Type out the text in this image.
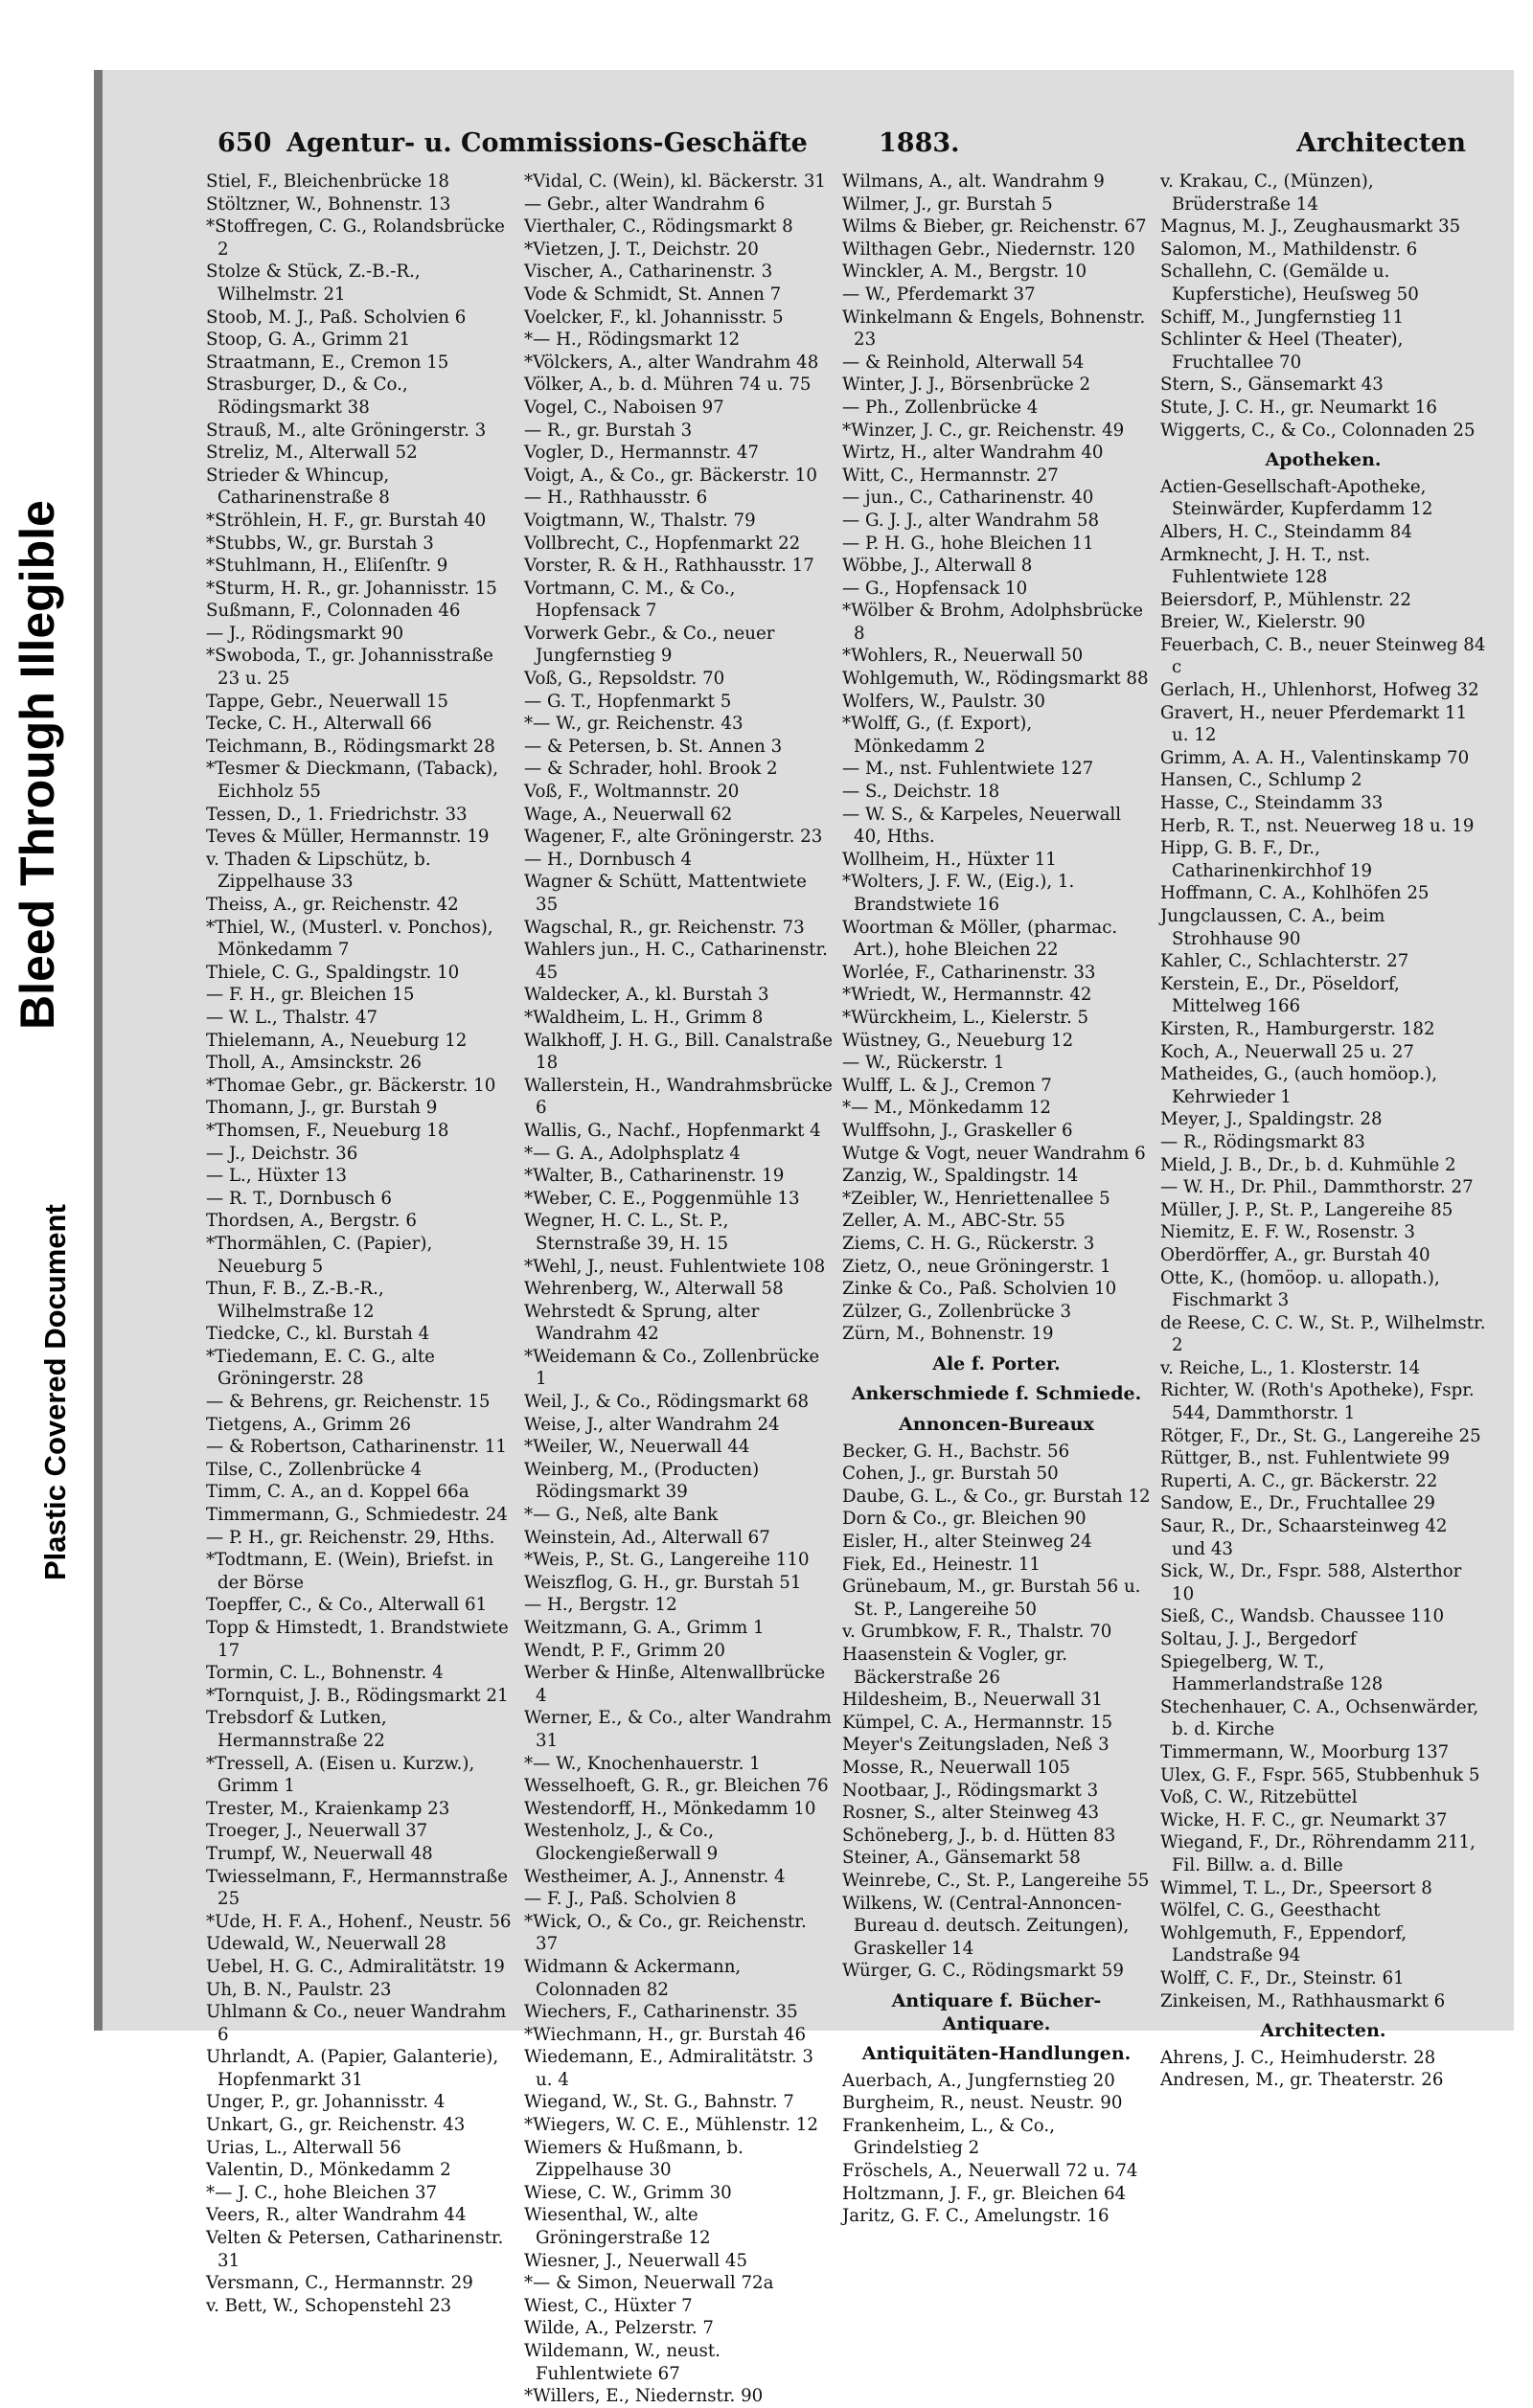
Bleed Through Illegible
Plastic Covered Document
650 Agentur- u. Commissions-Geschäfte	1883.	Architecten
Stiel, F., Bleichenbrücke 18
Stöltzner, W., Bohnenstr. 13
*Stoffregen, C. G., Rolandsbrücke 2
Stolze & Stück, Z.-B.-R., Wilhelmstr. 21
Stoob, M. J., Paß. Scholvien 6
Stoop, G. A., Grimm 21
Straatmann, E., Cremon 15
Strasburger, D., & Co., Rödingsmarkt 38
Strauß, M., alte Gröningerstr. 3
Streliz, M., Alterwall 52
Strieder & Whincup, Catharinenstraße 8
*Ströhlein, H. F., gr. Burstah 40
*Stubbs, W., gr. Burstah 3
*Stuhlmann, H., Eliſenſtr. 9
*Sturm, H. R., gr. Johannisstr. 15
Sußmann, F., Colonnaden 46
— J., Rödingsmarkt 90
*Swoboda, T., gr. Johannisstraße 23 u. 25
Tappe, Gebr., Neuerwall 15
Tecke, C. H., Alterwall 66
Teichmann, B., Rödingsmarkt 28
*Tesmer & Dieckmann, (Taback), Eichholz 55
Tessen, D., 1. Friedrichstr. 33
Teves & Müller, Hermannstr. 19
v. Thaden & Lipschütz, b. Zippelhause 33
Theiss, A., gr. Reichenstr. 42
*Thiel, W., (Musterl. v. Ponchos), Mönkedamm 7
Thiele, C. G., Spaldingstr. 10
— F. H., gr. Bleichen 15
— W. L., Thalstr. 47
Thielemann, A., Neueburg 12
Tholl, A., Amsinckstr. 26
*Thomae Gebr., gr. Bäckerstr. 10
Thomann, J., gr. Burstah 9
*Thomsen, F., Neueburg 18
— J., Deichstr. 36
— L., Hüxter 13
— R. T., Dornbusch 6
Thordsen, A., Bergstr. 6
*Thormählen, C. (Papier), Neueburg 5
Thun, F. B., Z.-B.-R., Wilhelmstraße 12
Tiedcke, C., kl. Burstah 4
*Tiedemann, E. C. G., alte Gröningerstr. 28
— & Behrens, gr. Reichenstr. 15
Tietgens, A., Grimm 26
— & Robertson, Catharinenstr. 11
Tilse, C., Zollenbrücke 4
Timm, C. A., an d. Koppel 66a
Timmermann, G., Schmiedestr. 24
— P. H., gr. Reichenstr. 29, Hths.
*Todtmann, E. (Wein), Briefst. in der Börse
Toepffer, C., & Co., Alterwall 61
Topp & Himstedt, 1. Brandstwiete 17
Tormin, C. L., Bohnenstr. 4
*Tornquist, J. B., Rödingsmarkt 21
Trebsdorf & Lutken, Hermannstraße 22
*Tressell, A. (Eisen u. Kurzw.), Grimm 1
Trester, M., Kraienkamp 23
Troeger, J., Neuerwall 37
Trumpf, W., Neuerwall 48
Twiesselmann, F., Hermannstraße 25
*Ude, H. F. A., Hohenf., Neustr. 56
Udewald, W., Neuerwall 28
Uebel, H. G. C., Admiralitätstr. 19
Uh, B. N., Paulstr. 23
Uhlmann & Co., neuer Wandrahm 6
Uhrlandt, A. (Papier, Galanterie), Hopfenmarkt 31
Unger, P., gr. Johannisstr. 4
Unkart, G., gr. Reichenstr. 43
Urias, L., Alterwall 56
Valentin, D., Mönkedamm 2
*— J. C., hohe Bleichen 37
Veers, R., alter Wandrahm 44
Velten & Petersen, Catharinenstr. 31
Versmann, C., Hermannstr. 29
v. Bett, W., Schopenstehl 23
*Vidal, C. (Wein), kl. Bäckerstr. 31
— Gebr., alter Wandrahm 6
Vierthaler, C., Rödingsmarkt 8
*Vietzen, J. T., Deichstr. 20
Vischer, A., Catharinenstr. 3
Vode & Schmidt, St. Annen 7
Voelcker, F., kl. Johannisstr. 5
*— H., Rödingsmarkt 12
*Völckers, A., alter Wandrahm 48
Völker, A., b. d. Mühren 74 u. 75
Vogel, C., Naboisen 97
— R., gr. Burstah 3
Vogler, D., Hermannstr. 47
Voigt, A., & Co., gr. Bäckerstr. 10
— H., Rathhausstr. 6
Voigtmann, W., Thalstr. 79
Vollbrecht, C., Hopfenmarkt 22
Vorster, R. & H., Rathhausstr. 17
Vortmann, C. M., & Co., Hopfensack 7
Vorwerk Gebr., & Co., neuer Jungfernstieg 9
Voß, G., Repsoldstr. 70
— G. T., Hopfenmarkt 5
*— W., gr. Reichenstr. 43
— & Petersen, b. St. Annen 3
— & Schrader, hohl. Brook 2
Voß, F., Woltmannstr. 20
Wage, A., Neuerwall 62
Wagener, F., alte Gröningerstr. 23
— H., Dornbusch 4
Wagner & Schütt, Mattentwiete 35
Wagschal, R., gr. Reichenstr. 73
Wahlers jun., H. C., Catharinenstr. 45
Waldecker, A., kl. Burstah 3
*Waldheim, L. H., Grimm 8
Walkhoff, J. H. G., Bill. Canalstraße 18
Wallerstein, H., Wandrahmsbrücke 6
Wallis, G., Nachf., Hopfenmarkt 4
*— G. A., Adolphsplatz 4
*Walter, B., Catharinenstr. 19
*Weber, C. E., Poggenmühle 13
Wegner, H. C. L., St. P., Sternstraße 39, H. 15
*Wehl, J., neust. Fuhlentwiete 108
Wehrenberg, W., Alterwall 58
Wehrstedt & Sprung, alter Wandrahm 42
*Weidemann & Co., Zollenbrücke 1
Weil, J., & Co., Rödingsmarkt 68
Weise, J., alter Wandrahm 24
*Weiler, W., Neuerwall 44
Weinberg, M., (Producten) Rödingsmarkt 39
*— G., Neß, alte Bank
Weinstein, Ad., Alterwall 67
*Weis, P., St. G., Langereihe 110
Weiszflog, G. H., gr. Burstah 51
— H., Bergstr. 12
Weitzmann, G. A., Grimm 1
Wendt, P. F., Grimm 20
Werber & Hinße, Altenwallbrücke 4
Werner, E., & Co., alter Wandrahm 31
*— W., Knochenhauerstr. 1
Wesselhoeft, G. R., gr. Bleichen 76
Westendorff, H., Mönkedamm 10
Westenholz, J., & Co., Glockengießerwall 9
Westheimer, A. J., Annenstr. 4
— F. J., Paß. Scholvien 8
*Wick, O., & Co., gr. Reichenstr. 37
Widmann & Ackermann, Colonnaden 82
Wiechers, F., Catharinenstr. 35
*Wiechmann, H., gr. Burstah 46
Wiedemann, E., Admiralitätstr. 3 u. 4
Wiegand, W., St. G., Bahnstr. 7
*Wiegers, W. C. E., Mühlenstr. 12
Wiemers & Hußmann, b. Zippelhause 30
Wiese, C. W., Grimm 30
Wiesenthal, W., alte Gröningerstraße 12
Wiesner, J., Neuerwall 45
*— & Simon, Neuerwall 72a
Wiest, C., Hüxter 7
Wilde, A., Pelzerstr. 7
Wildemann, W., neust. Fuhlentwiete 67
*Willers, E., Niedernstr. 90
Wilmans, A., alt. Wandrahm 9
Wilmer, J., gr. Burstah 5
Wilms & Bieber, gr. Reichenstr. 67
Wilthagen Gebr., Niedernstr. 120
Winckler, A. M., Bergstr. 10
— W., Pferdemarkt 37
Winkelmann & Engels, Bohnenstr. 23
— & Reinhold, Alterwall 54
Winter, J. J., Börsenbrücke 2
— Ph., Zollenbrücke 4
*Winzer, J. C., gr. Reichenstr. 49
Wirtz, H., alter Wandrahm 40
Witt, C., Hermannstr. 27
— jun., C., Catharinenstr. 40
— G. J. J., alter Wandrahm 58
— P. H. G., hohe Bleichen 11
Wöbbe, J., Alterwall 8
— G., Hopfensack 10
*Wölber & Brohm, Adolphsbrücke 8
*Wohlers, R., Neuerwall 50
Wohlgemuth, W., Rödingsmarkt 88
Wolfers, W., Paulstr. 30
*Wolff, G., (f. Export), Mönkedamm 2
— M., nst. Fuhlentwiete 127
— S., Deichstr. 18
— W. S., & Karpeles, Neuerwall 40, Hths.
Wollheim, H., Hüxter 11
*Wolters, J. F. W., (Eig.), 1. Brandstwiete 16
Woortman & Möller, (pharmac. Art.), hohe Bleichen 22
Worlée, F., Catharinenstr. 33
*Wriedt, W., Hermannstr. 42
*Würckheim, L., Kielerstr. 5
Wüstney, G., Neueburg 12
— W., Rückerstr. 1
Wulff, L. & J., Cremon 7
*— M., Mönkedamm 12
Wulffsohn, J., Graskeller 6
Wutge & Vogt, neuer Wandrahm 6
Zanzig, W., Spaldingstr. 14
*Zeibler, W., Henriettenallee 5
Zeller, A. M., ABC-Str. 55
Ziems, C. H. G., Rückerstr. 3
Zietz, O., neue Gröningerstr. 1
Zinke & Co., Paß. Scholvien 10
Zülzer, G., Zollenbrücke 3
Zürn, M., Bohnenstr. 19
Ale f. Porter.
Ankerschmiede f. Schmiede.
Annoncen-Bureaux
Becker, G. H., Bachstr. 56
Cohen, J., gr. Burstah 50
Daube, G. L., & Co., gr. Burstah 12
Dorn & Co., gr. Bleichen 90
Eisler, H., alter Steinweg 24
Fiek, Ed., Heinestr. 11
Grünebaum, M., gr. Burstah 56 u. St. P., Langereihe 50
v. Grumbkow, F. R., Thalstr. 70
Haasenstein & Vogler, gr. Bäckerstraße 26
Hildesheim, B., Neuerwall 31
Kümpel, C. A., Hermannstr. 15
Meyer's Zeitungsladen, Neß 3
Mosse, R., Neuerwall 105
Nootbaar, J., Rödingsmarkt 3
Rosner, S., alter Steinweg 43
Schöneberg, J., b. d. Hütten 83
Steiner, A., Gänsemarkt 58
Weinrebe, C., St. P., Langereihe 55
Wilkens, W. (Central-Annoncen-Bureau d. deutsch. Zeitungen), Graskeller 14
Würger, G. C., Rödingsmarkt 59
Antiquare f. Bücher-Antiquare.
Antiquitäten-Handlungen.
Auerbach, A., Jungfernstieg 20
Burgheim, R., neust. Neustr. 90
Frankenheim, L., & Co., Grindelstieg 2
Fröschels, A., Neuerwall 72 u. 74
Holtzmann, J. F., gr. Bleichen 64
Jaritz, G. F. C., Amelungstr. 16
v. Krakau, C., (Münzen), Brüderstraße 14
Magnus, M. J., Zeughausmarkt 35
Salomon, M., Mathildenstr. 6
Schallehn, C. (Gemälde u. Kupferstiche), Heuſsweg 50
Schiff, M., Jungfernstieg 11
Schlinter & Heel (Theater), Fruchtallee 70
Stern, S., Gänsemarkt 43
Stute, J. C. H., gr. Neumarkt 16
Wiggerts, C., & Co., Colonnaden 25
Apotheken.
Actien-Gesellschaft-Apotheke, Steinwärder, Kupferdamm 12
Albers, H. C., Steindamm 84
Armknecht, J. H. T., nst. Fuhlentwiete 128
Beiersdorf, P., Mühlenstr. 22
Breier, W., Kielerstr. 90
Feuerbach, C. B., neuer Steinweg 84 c
Gerlach, H., Uhlenhorst, Hofweg 32
Gravert, H., neuer Pferdemarkt 11 u. 12
Grimm, A. A. H., Valentinskamp 70
Hansen, C., Schlump 2
Hasse, C., Steindamm 33
Herb, R. T., nst. Neuerweg 18 u. 19
Hipp, G. B. F., Dr., Catharinenkirchhof 19
Hoffmann, C. A., Kohlhöfen 25
Jungclaussen, C. A., beim Strohhause 90
Kahler, C., Schlachterstr. 27
Kerstein, E., Dr., Pöseldorf, Mittelweg 166
Kirsten, R., Hamburgerstr. 182
Koch, A., Neuerwall 25 u. 27
Matheides, G., (auch homöop.), Kehrwieder 1
Meyer, J., Spaldingstr. 28
— R., Rödingsmarkt 83
Mield, J. B., Dr., b. d. Kuhmühle 2
— W. H., Dr. Phil., Dammthorstr. 27
Müller, J. P., St. P., Langereihe 85
Niemitz, E. F. W., Rosenstr. 3
Oberdörffer, A., gr. Burstah 40
Otte, K., (homöop. u. allopath.), Fischmarkt 3
de Reese, C. C. W., St. P., Wilhelmstr. 2
v. Reiche, L., 1. Klosterstr. 14
Richter, W. (Roth's Apotheke), Fspr. 544, Dammthorstr. 1
Rötger, F., Dr., St. G., Langereihe 25
Rüttger, B., nst. Fuhlentwiete 99
Ruperti, A. C., gr. Bäckerstr. 22
Sandow, E., Dr., Fruchtallee 29
Saur, R., Dr., Schaarsteinweg 42 und 43
Sick, W., Dr., Fspr. 588, Alsterthor 10
Sieß, C., Wandsb. Chaussee 110
Soltau, J. J., Bergedorf
Spiegelberg, W. T., Hammerlandstraße 128
Stechenhauer, C. A., Ochsenwärder, b. d. Kirche
Timmermann, W., Moorburg 137
Ulex, G. F., Fspr. 565, Stubbenhuk 5
Voß, C. W., Ritzebüttel
Wicke, H. F. C., gr. Neumarkt 37
Wiegand, F., Dr., Röhrendamm 211, Fil. Billw. a. d. Bille
Wimmel, T. L., Dr., Speersort 8
Wölfel, C. G., Geesthacht
Wohlgemuth, F., Eppendorf, Landstraße 94
Wolff, C. F., Dr., Steinstr. 61
Zinkeisen, M., Rathhausmarkt 6
Architecten.
Ahrens, J. C., Heimhuderstr. 28
Andresen, M., gr. Theaterstr. 26
